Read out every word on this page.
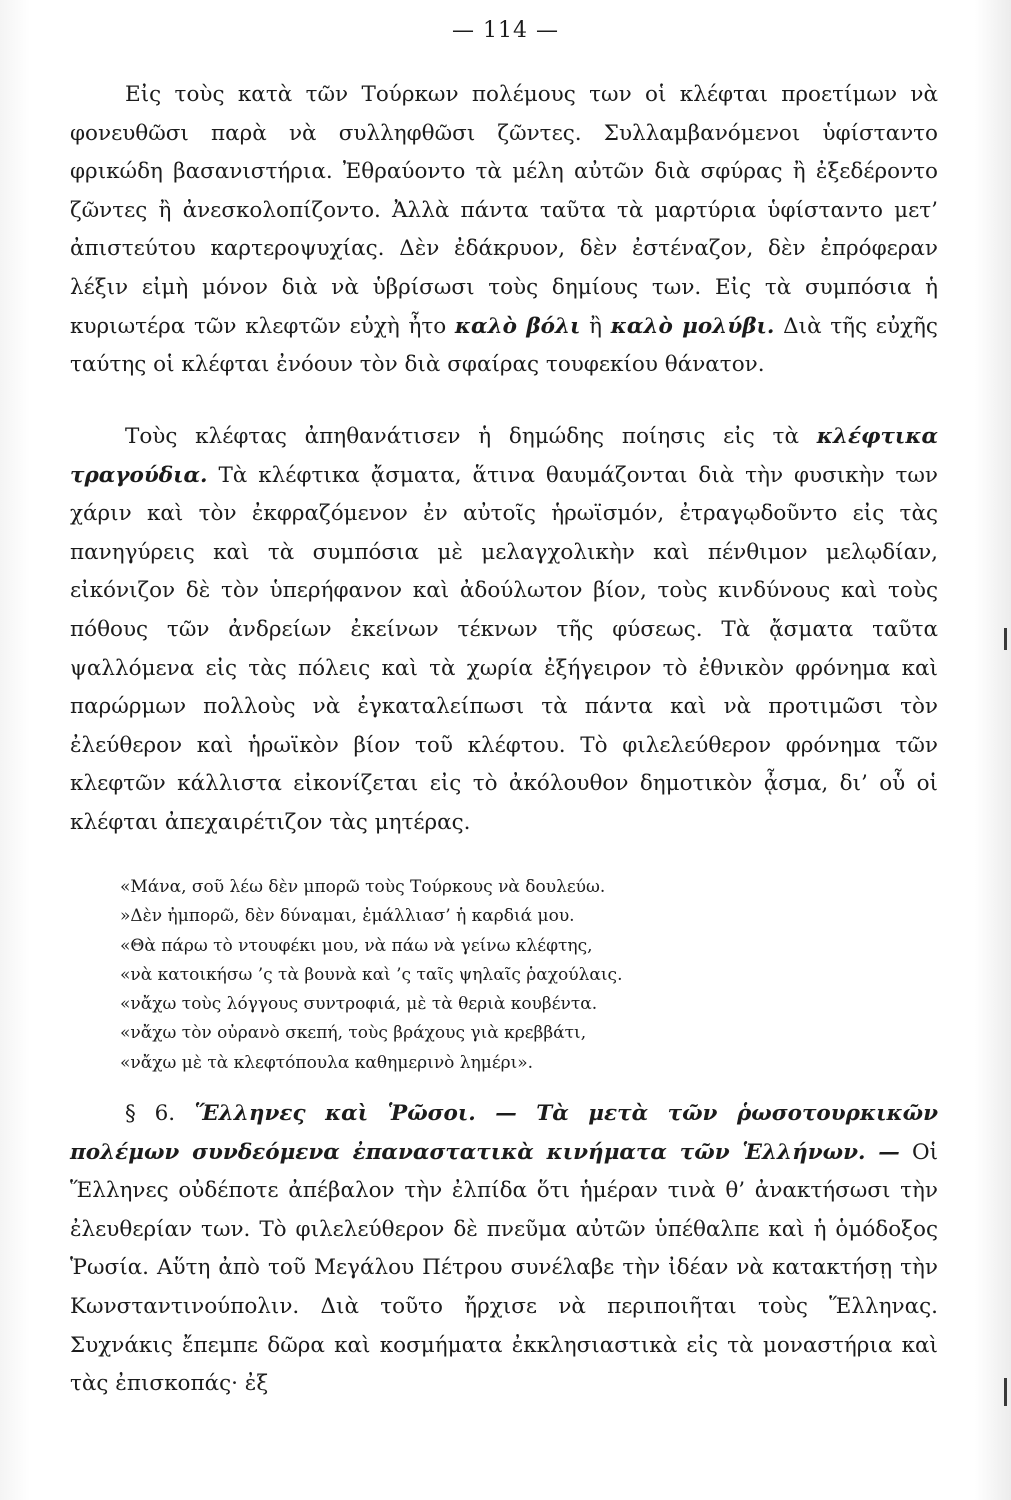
— 114 —

Εἰς τοὺς κατὰ τῶν Τούρκων πολέμους των οἱ κλέφται προετίμων νὰ φονευθῶσι παρὰ νὰ συλληφθῶσι ζῶντες. Συλλαμβανόμενοι ὑφίσταντο φρικώδη βασανιστήρια. Ἐθραύοντο τὰ μέλη αὐτῶν διὰ σφύρας ἢ ἐξεδέροντο ζῶντες ἢ ἀνεσκολοπίζοντο. Ἀλλὰ πάντα ταῦτα τὰ μαρτύρια ὑφίσταντο μετ’ ἀπιστεύτου καρτεροψυχίας. Δὲν ἐδάκρυον, δὲν ἐστέναζον, δὲν ἐπρόφεραν λέξιν εἰμὴ μόνον διὰ νὰ ὑβρίσωσι τοὺς δημίους των. Εἰς τὰ συμπόσια ἡ κυριωτέρα τῶν κλεφτῶν εὐχὴ ἦτο καλὸ βόλι ἢ καλὸ μολύβι. Διὰ τῆς εὐχῆς ταύτης οἱ κλέφται ἐνόουν τὸν διὰ σφαίρας τουφεκίου θάνατον.

Τοὺς κλέφτας ἀπηθανάτισεν ἡ δημώδης ποίησις εἰς τὰ κλέφτικα τραγούδια. Τὰ κλέφτικα ᾄσματα, ἅτινα θαυμάζονται διὰ τὴν φυσικὴν των χάριν καὶ τὸν ἐκφραζόμενον ἐν αὐτοῖς ἡρωϊσμόν, ἐτραγῳδοῦντο εἰς τὰς πανηγύρεις καὶ τὰ συμπόσια μὲ μελαγχολικὴν καὶ πένθιμον μελῳδίαν, εἰκόνιζον δὲ τὸν ὑπερήφανον καὶ ἀδούλωτον βίον, τοὺς κινδύνους καὶ τοὺς πόθους τῶν ἀνδρείων ἐκείνων τέκνων τῆς φύσεως. Τὰ ᾄσματα ταῦτα ψαλλόμενα εἰς τὰς πόλεις καὶ τὰ χωρία ἐξήγειρον τὸ ἐθνικὸν φρόνημα καὶ παρώρμων πολλοὺς νὰ ἐγκαταλείπωσι τὰ πάντα καὶ νὰ προτιμῶσι τὸν ἐλεύθερον καὶ ἡρωϊκὸν βίον τοῦ κλέφτου. Τὸ φιλελεύθερον φρόνημα τῶν κλεφτῶν κάλλιστα εἰκονίζεται εἰς τὸ ἀκόλουθον δημοτικὸν ᾆσμα, δι’ οὗ οἱ κλέφται ἀπεχαιρέτιζον τὰς μητέρας.

«Μάνα, σοῦ λέω δὲν μπορῶ τοὺς Τούρκους νὰ δουλεύω.
»Δὲν ἠμπορῶ, δὲν δύναμαι, ἐμάλλιασ’ ἡ καρδιά μου.
«Θὰ πάρω τὸ ντουφέκι μου, νὰ πάω νὰ γείνω κλέφτης,
«νὰ κατοικήσω ’ς τὰ βουνὰ καὶ ’ς ταῖς ψηλαῖς ῥαχούλαις.
«νἄχω τοὺς λόγγους συντροφιά, μὲ τὰ θεριὰ κουβέντα.
«νἄχω τὸν οὐρανὸ σκεπή, τοὺς βράχους γιὰ κρεββάτι,
«νἄχω μὲ τὰ κλεφτόπουλα καθημερινὸ λημέρι».

§ 6. Ἕλληνες καὶ Ῥῶσοι. — Τὰ μετὰ τῶν ῥωσοτουρκικῶν πολέμων συνδεόμενα ἐπαναστατικὰ κινήματα τῶν Ἑλλήνων. — Οἱ Ἕλληνες οὐδέποτε ἀπέβαλον τὴν ἐλπίδα ὅτι ἡμέραν τινὰ θ’ ἀνακτήσωσι τὴν ἐλευθερίαν των. Τὸ φιλελεύθερον δὲ πνεῦμα αὐτῶν ὑπέθαλπε καὶ ἡ ὁμόδοξος Ῥωσία. Αὕτη ἀπὸ τοῦ Μεγάλου Πέτρου συνέλαβε τὴν ἰδέαν νὰ κατακτήσῃ τὴν Κωνσταντινούπολιν. Διὰ τοῦτο ἤρχισε νὰ περιποιῆται τοὺς Ἕλληνας. Συχνάκις ἔπεμπε δῶρα καὶ κοσμήματα ἐκκλησιαστικὰ εἰς τὰ μοναστήρια καὶ τὰς ἐπισκοπάς· ἐξ
